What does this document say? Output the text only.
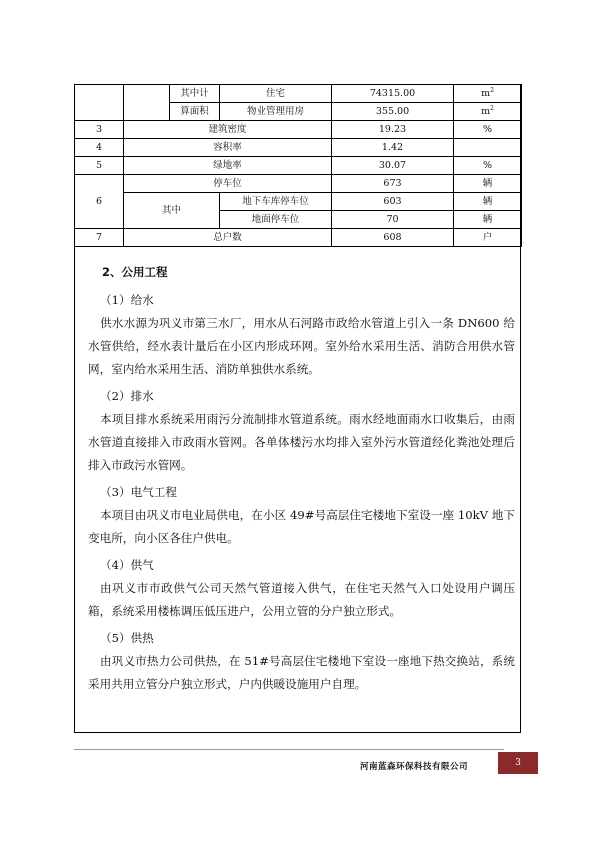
		其中计	住宅	74315.00	$m^2$
		算面积	物业管理用房	355.00	$m^2$
3	建筑密度			19.23	%
4	容积率			1.42	
5	绿地率			30.07	%
6	停车位			673	辆
	其中		地下车库停车位	603	辆
			地面停车位	70	辆
7	总户数			608	户

2、公用工程

（1）给水

供水水源为巩义市第三水厂，用水从石河路市政给水管道上引入一条 DN600 给水管供给，经水表计量后在小区内形成环网。室外给水采用生活、消防合用供水管网，室内给水采用生活、消防单独供水系统。

（2）排水

本项目排水系统采用雨污分流制排水管道系统。雨水经地面雨水口收集后，由雨水管道直接排入市政雨水管网。各单体楼污水均排入室外污水管道经化粪池处理后排入市政污水管网。

（3）电气工程

本项目由巩义市电业局供电，在小区 49#号高层住宅楼地下室设一座 10kV 地下变电所，向小区各住户供电。

（4）供气

由巩义市市政供气公司天然气管道接入供气，在住宅天然气入口处设用户调压箱，系统采用楼栋调压低压进户，公用立管的分户独立形式。

（5）供热

由巩义市热力公司供热，在 51#号高层住宅楼地下室设一座地下热交换站，系统采用共用立管分户独立形式，户内供暖设施用户自理。

河南蓝森环保科技有限公司	3
